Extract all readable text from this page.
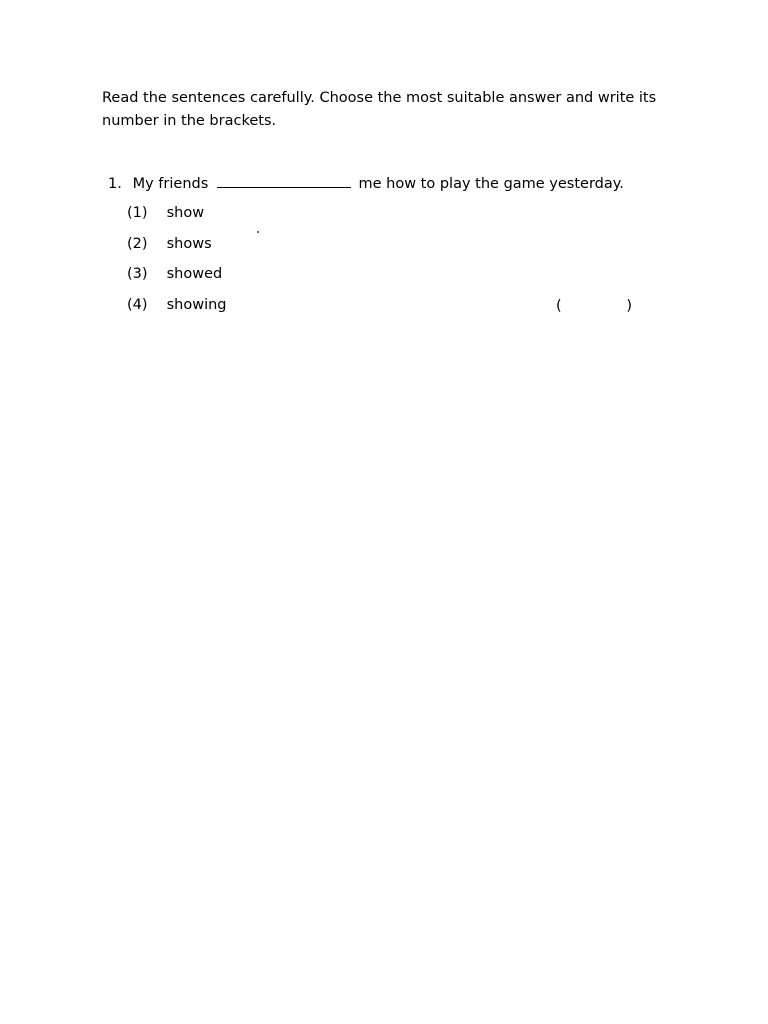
Read the sentences carefully. Choose the most suitable answer and write its number in the brackets.

1. My friends	me how to play the game yesterday.
(1) show
(2) shows
(3) showed
(4) showing	(	)
